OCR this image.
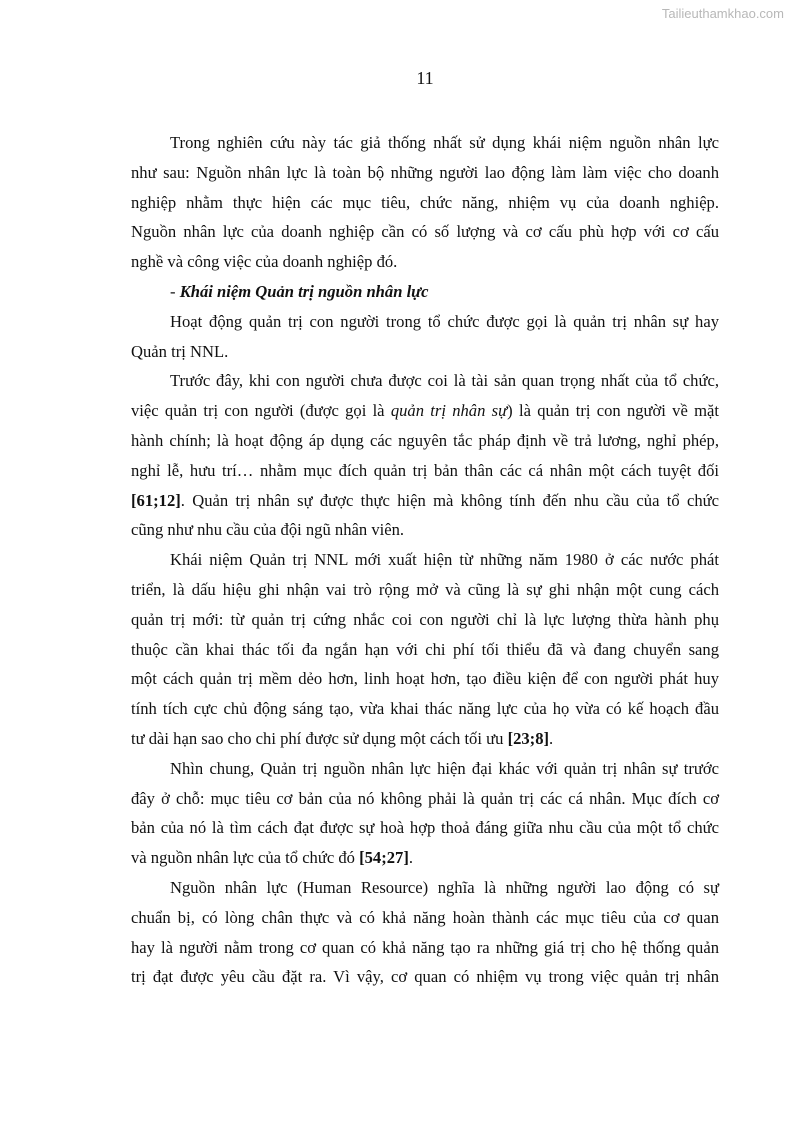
Tailieuthamkhao.com
11
Trong nghiên cứu này tác giả thống nhất sử dụng khái niệm nguồn nhân lực
như sau: Nguồn nhân lực là toàn bộ những người lao động làm làm việc cho doanh
nghiệp nhằm thực hiện các mục tiêu, chức năng, nhiệm vụ của doanh nghiệp.
Nguồn nhân lực của doanh nghiệp cần có số lượng và cơ cấu phù hợp với cơ cấu
nghề và công việc của doanh nghiệp đó.
- Khái niệm Quản trị nguồn nhân lực
Hoạt động quản trị con người trong tổ chức được gọi là quản trị nhân sự hay
Quản trị NNL.
Trước đây, khi con người chưa được coi là tài sản quan trọng nhất của tổ chức,
việc quản trị con người (được gọi là quản trị nhân sự) là quản trị con người về mặt
hành chính; là hoạt động áp dụng các nguyên tắc pháp định về trả lương, nghỉ phép,
nghỉ lễ, hưu trí… nhằm mục đích quản trị bản thân các cá nhân một cách tuyệt đối
[61;12]. Quản trị nhân sự được thực hiện mà không tính đến nhu cầu của tổ chức
cũng như nhu cầu của đội ngũ nhân viên.
Khái niệm Quản trị NNL mới xuất hiện từ những năm 1980 ở các nước phát
triển, là dấu hiệu ghi nhận vai trò rộng mở và cũng là sự ghi nhận một cung cách
quản trị mới: từ quản trị cứng nhắc coi con người chỉ là lực lượng thừa hành phụ
thuộc cần khai thác tối đa ngắn hạn với chi phí tối thiểu đã và đang chuyển sang
một cách quản trị mềm dẻo hơn, linh hoạt hơn, tạo điều kiện để con người phát huy
tính tích cực chủ động sáng tạo, vừa khai thác năng lực của họ vừa có kế hoạch đầu
tư dài hạn sao cho chi phí được sử dụng một cách tối ưu [23;8].
Nhìn chung, Quản trị nguồn nhân lực hiện đại khác với quản trị nhân sự trước
đây ở chỗ: mục tiêu cơ bản của nó không phải là quản trị các cá nhân. Mục đích cơ
bản của nó là tìm cách đạt được sự hoà hợp thoả đáng giữa nhu cầu của một tổ chức
và nguồn nhân lực của tổ chức đó [54;27].
Nguồn nhân lực (Human Resource) nghĩa là những người lao động có sự
chuẩn bị, có lòng chân thực và có khả năng hoàn thành các mục tiêu của cơ quan
hay là người nằm trong cơ quan có khả năng tạo ra những giá trị cho hệ thống quản
trị đạt được yêu cầu đặt ra. Vì vậy, cơ quan có nhiệm vụ trong việc quản trị nhân
